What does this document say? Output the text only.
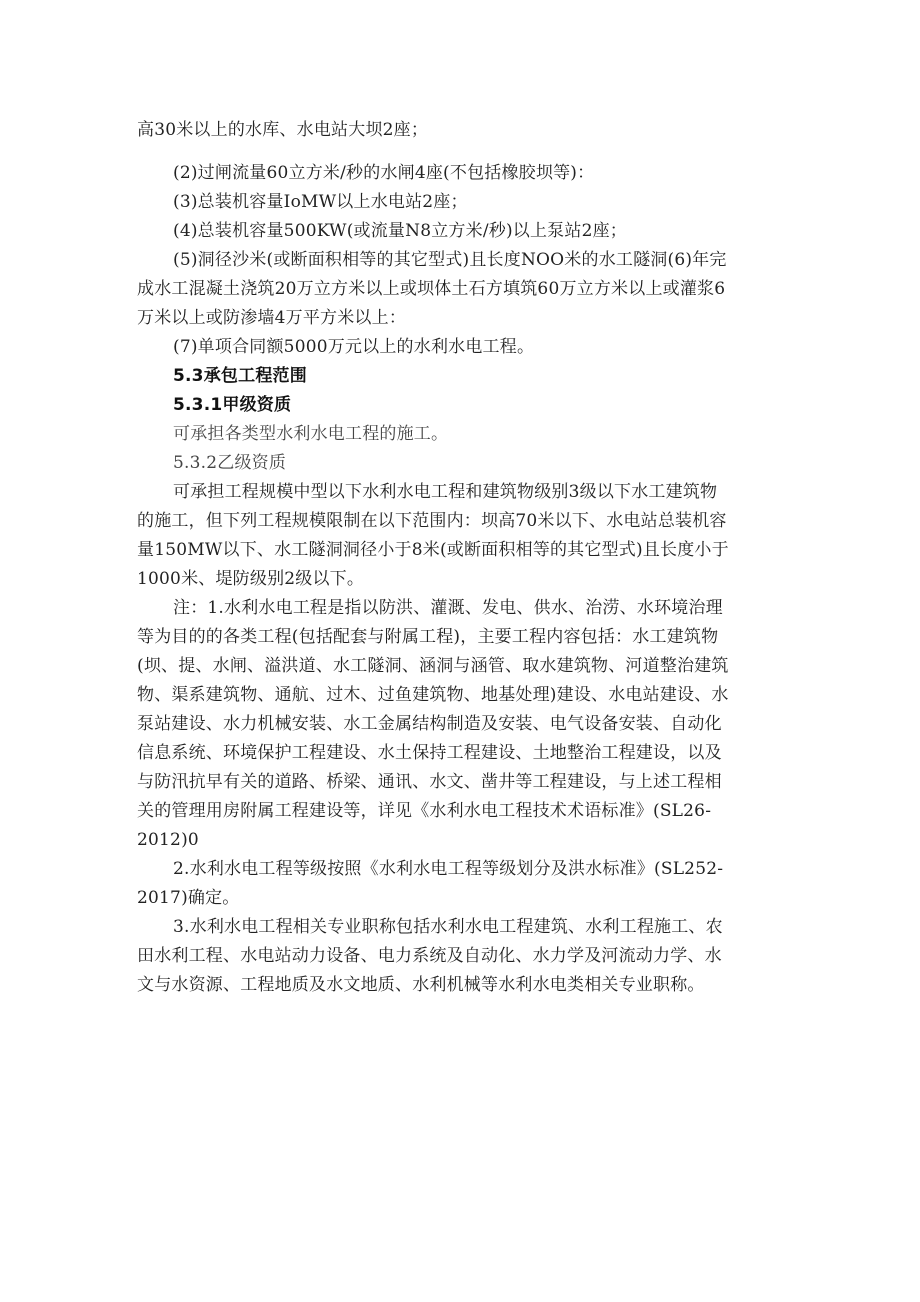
高30米以上的水库、水电站大坝2座；
(2)过闸流量60立方米/秒的水闸4座(不包括橡胶坝等)：
(3)总装机容量IoMW以上水电站2座；
(4)总装机容量500KW(或流量N8立方米/秒)以上泵站2座；
(5)洞径沙米(或断面积相等的其它型式)且长度NOO米的水工隧洞(6)年完
成水工混凝土浇筑20万立方米以上或坝体土石方填筑60万立方米以上或灌浆6
万米以上或防渗墙4万平方米以上：
(7)单项合同额5000万元以上的水利水电工程。
5.3承包工程范围
5.3.1甲级资质
可承担各类型水利水电工程的施工。
5.3.2乙级资质
可承担工程规模中型以下水利水电工程和建筑物级别3级以下水工建筑物
的施工，但下列工程规模限制在以下范围内：坝高70米以下、水电站总装机容
量150MW以下、水工隧洞洞径小于8米(或断面积相等的其它型式)且长度小于
1000米、堤防级别2级以下。
注：1.水利水电工程是指以防洪、灌溉、发电、供水、治涝、水环境治理
等为目的的各类工程(包括配套与附属工程)，主要工程内容包括：水工建筑物
(坝、提、水闸、溢洪道、水工隧洞、涵洞与涵管、取水建筑物、河道整治建筑
物、渠系建筑物、通航、过木、过鱼建筑物、地基处理)建设、水电站建设、水
泵站建设、水力机械安装、水工金属结构制造及安装、电气设备安装、自动化
信息系统、环境保护工程建设、水土保持工程建设、土地整治工程建设，以及
与防汛抗早有关的道路、桥梁、通讯、水文、凿井等工程建设，与上述工程相
关的管理用房附属工程建设等，详见《水利水电工程技术术语标准》(SL26-
2012)0
2.水利水电工程等级按照《水利水电工程等级划分及洪水标准》(SL252-
2017)确定。
3.水利水电工程相关专业职称包括水利水电工程建筑、水利工程施工、农
田水利工程、水电站动力设备、电力系统及自动化、水力学及河流动力学、水
文与水资源、工程地质及水文地质、水利机械等水利水电类相关专业职称。
